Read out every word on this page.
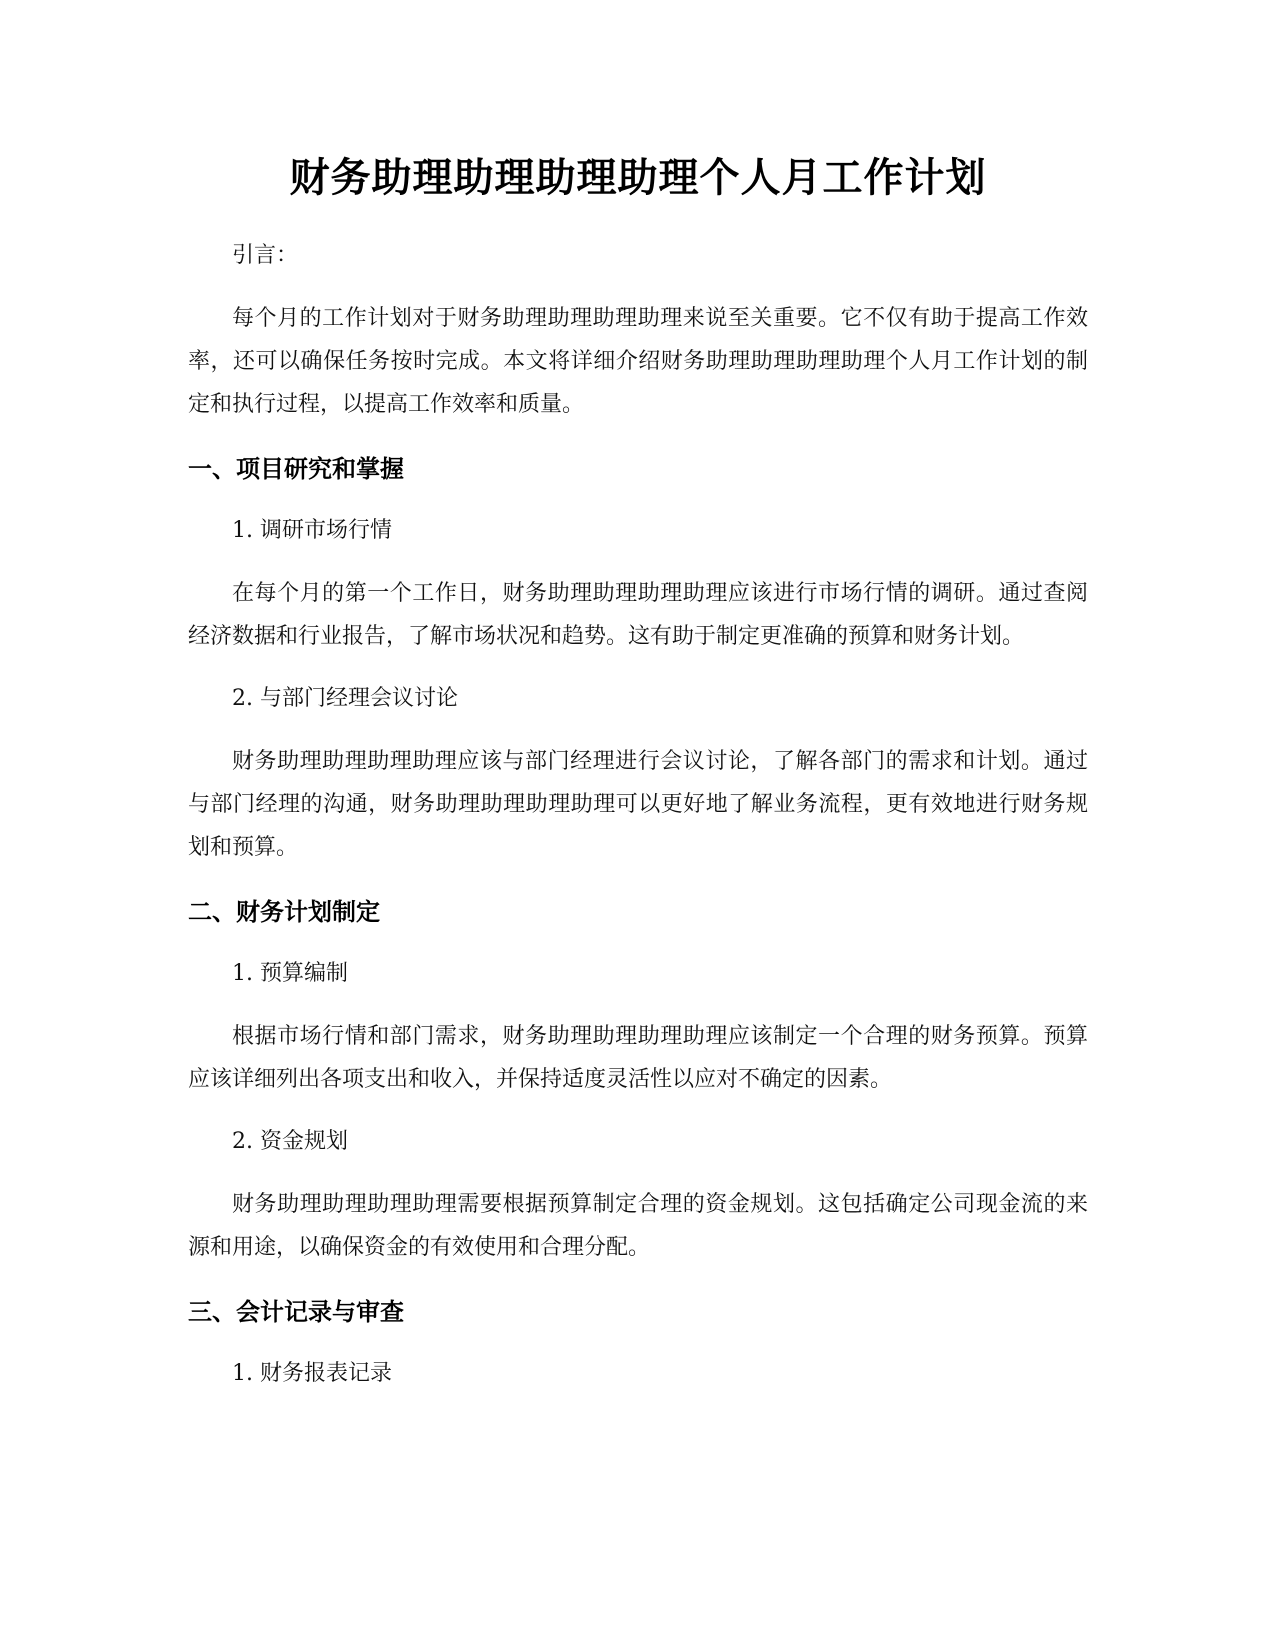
财务助理助理助理助理个人月工作计划

引言：

每个月的工作计划对于财务助理助理助理助理来说至关重要。它不仅有助于提高工作效率，还可以确保任务按时完成。本文将详细介绍财务助理助理助理助理个人月工作计划的制定和执行过程，以提高工作效率和质量。

一、项目研究和掌握

1. 调研市场行情

在每个月的第一个工作日，财务助理助理助理助理应该进行市场行情的调研。通过查阅经济数据和行业报告，了解市场状况和趋势。这有助于制定更准确的预算和财务计划。

2. 与部门经理会议讨论

财务助理助理助理助理应该与部门经理进行会议讨论，了解各部门的需求和计划。通过与部门经理的沟通，财务助理助理助理助理可以更好地了解业务流程，更有效地进行财务规划和预算。

二、财务计划制定

1. 预算编制

根据市场行情和部门需求，财务助理助理助理助理应该制定一个合理的财务预算。预算应该详细列出各项支出和收入，并保持适度灵活性以应对不确定的因素。

2. 资金规划

财务助理助理助理助理需要根据预算制定合理的资金规划。这包括确定公司现金流的来源和用途，以确保资金的有效使用和合理分配。

三、会计记录与审查

1. 财务报表记录
